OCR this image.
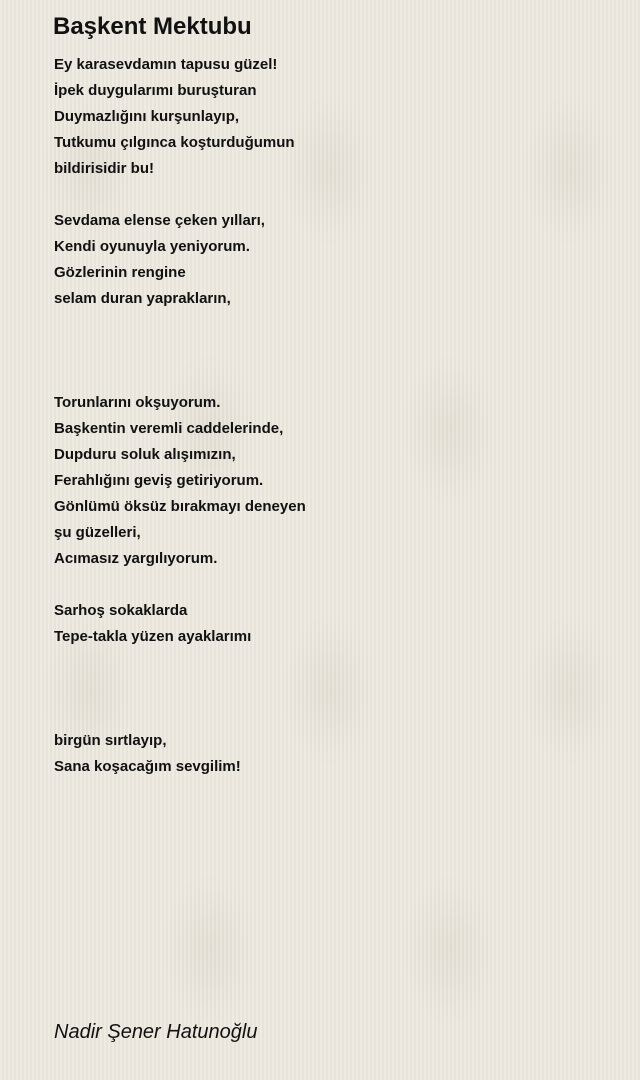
Başkent Mektubu
Ey karasevdamın tapusu güzel!
İpek duygularımı buruşturan
Duymazlığını kurşunlayıp,
Tutkumu çılgınca koşturduğumun
bildirisidir bu!
Sevdama elense çeken yılları,
Kendi oyunuyla yeniyorum.
Gözlerinin rengine
selam duran yaprakların,
Torunlarını okşuyorum.
Başkentin veremli caddelerinde,
Dupduru soluk alışımızın,
Ferahlığını geviş getiriyorum.
Gönlümü öksüz bırakmayı deneyen
şu güzelleri,
Acımasız yargılıyorum.
Sarhoş sokaklarda
Tepe-takla yüzen ayaklarımı
birgün sırtlayıp,
Sana koşacağım sevgilim!
Nadir Şener Hatunoğlu
